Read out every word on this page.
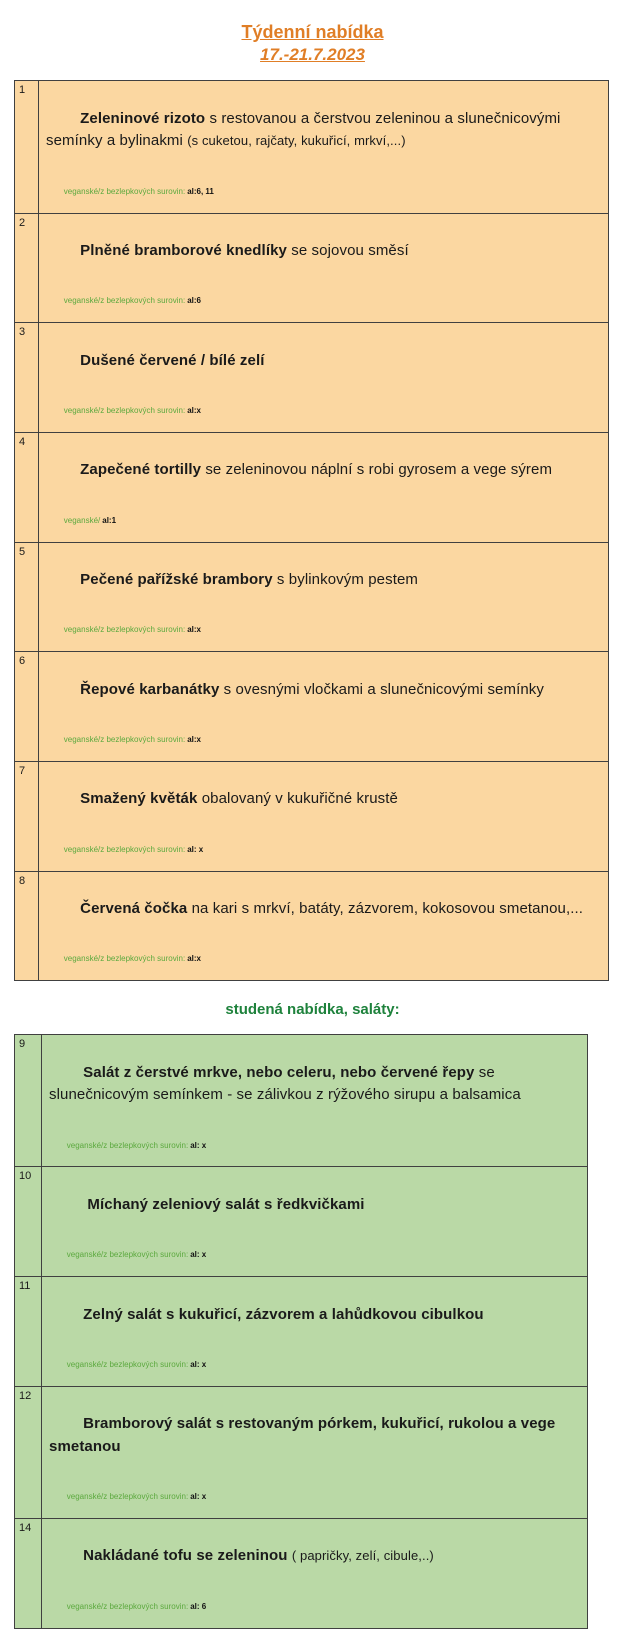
Týdenní nabídka
17.-21.7.2023
1

Zeleninové rizoto s restovanou a čerstvou zeleninou a slunečnicovými semínky a bylinakmi (s cuketou, rajčaty, kukuřicí, mrkví,...)

veganské/z bezlepkových surovin: al:6, 11

2

Plněné bramborové knedlíky se sojovou směsí

veganské/z bezlepkových surovin: al:6

3

Dušené červené / bílé zelí

veganské/z bezlepkových surovin: al:x

4

Zapečené tortilly se zeleninovou náplní s robi gyrosem a vege sýrem

veganské/ al:1

5

Pečené pařížské brambory s bylinkovým pestem

veganské/z bezlepkových surovin: al:x

6

Řepové karbanátky s ovesnými vločkami a slunečnicovými semínky

veganské/z bezlepkových surovin: al:x

7

Smažený květák obalovaný v kukuřičné krustě

veganské/z bezlepkových surovin: al: x

8

Červená čočka na kari s mrkví, batáty, zázvorem, kokosovou smetanou,...

veganské/z bezlepkových surovin: al:x

studená nabídka, saláty:
9

Salát z čerstvé mrkve, nebo celeru, nebo červené řepy se slunečnicovým semínkem - se zálivkou z rýžového sirupu a balsamica

veganské/z bezlepkových surovin: al: x

10

Míchaný zeleniový salát s ředkvičkami

veganské/z bezlepkových surovin: al: x

11

Zelný salát s kukuřicí, zázvorem a lahůdkovou cibulkou

veganské/z bezlepkových surovin: al: x

12

Bramborový salát s restovaným pórkem, kukuřicí, rukolou a vege smetanou

veganské/z bezlepkových surovin: al: x

14

Nakládané tofu se zeleninou ( papričky, zelí, cibule,..)

veganské/z bezlepkových surovin: al: 6
